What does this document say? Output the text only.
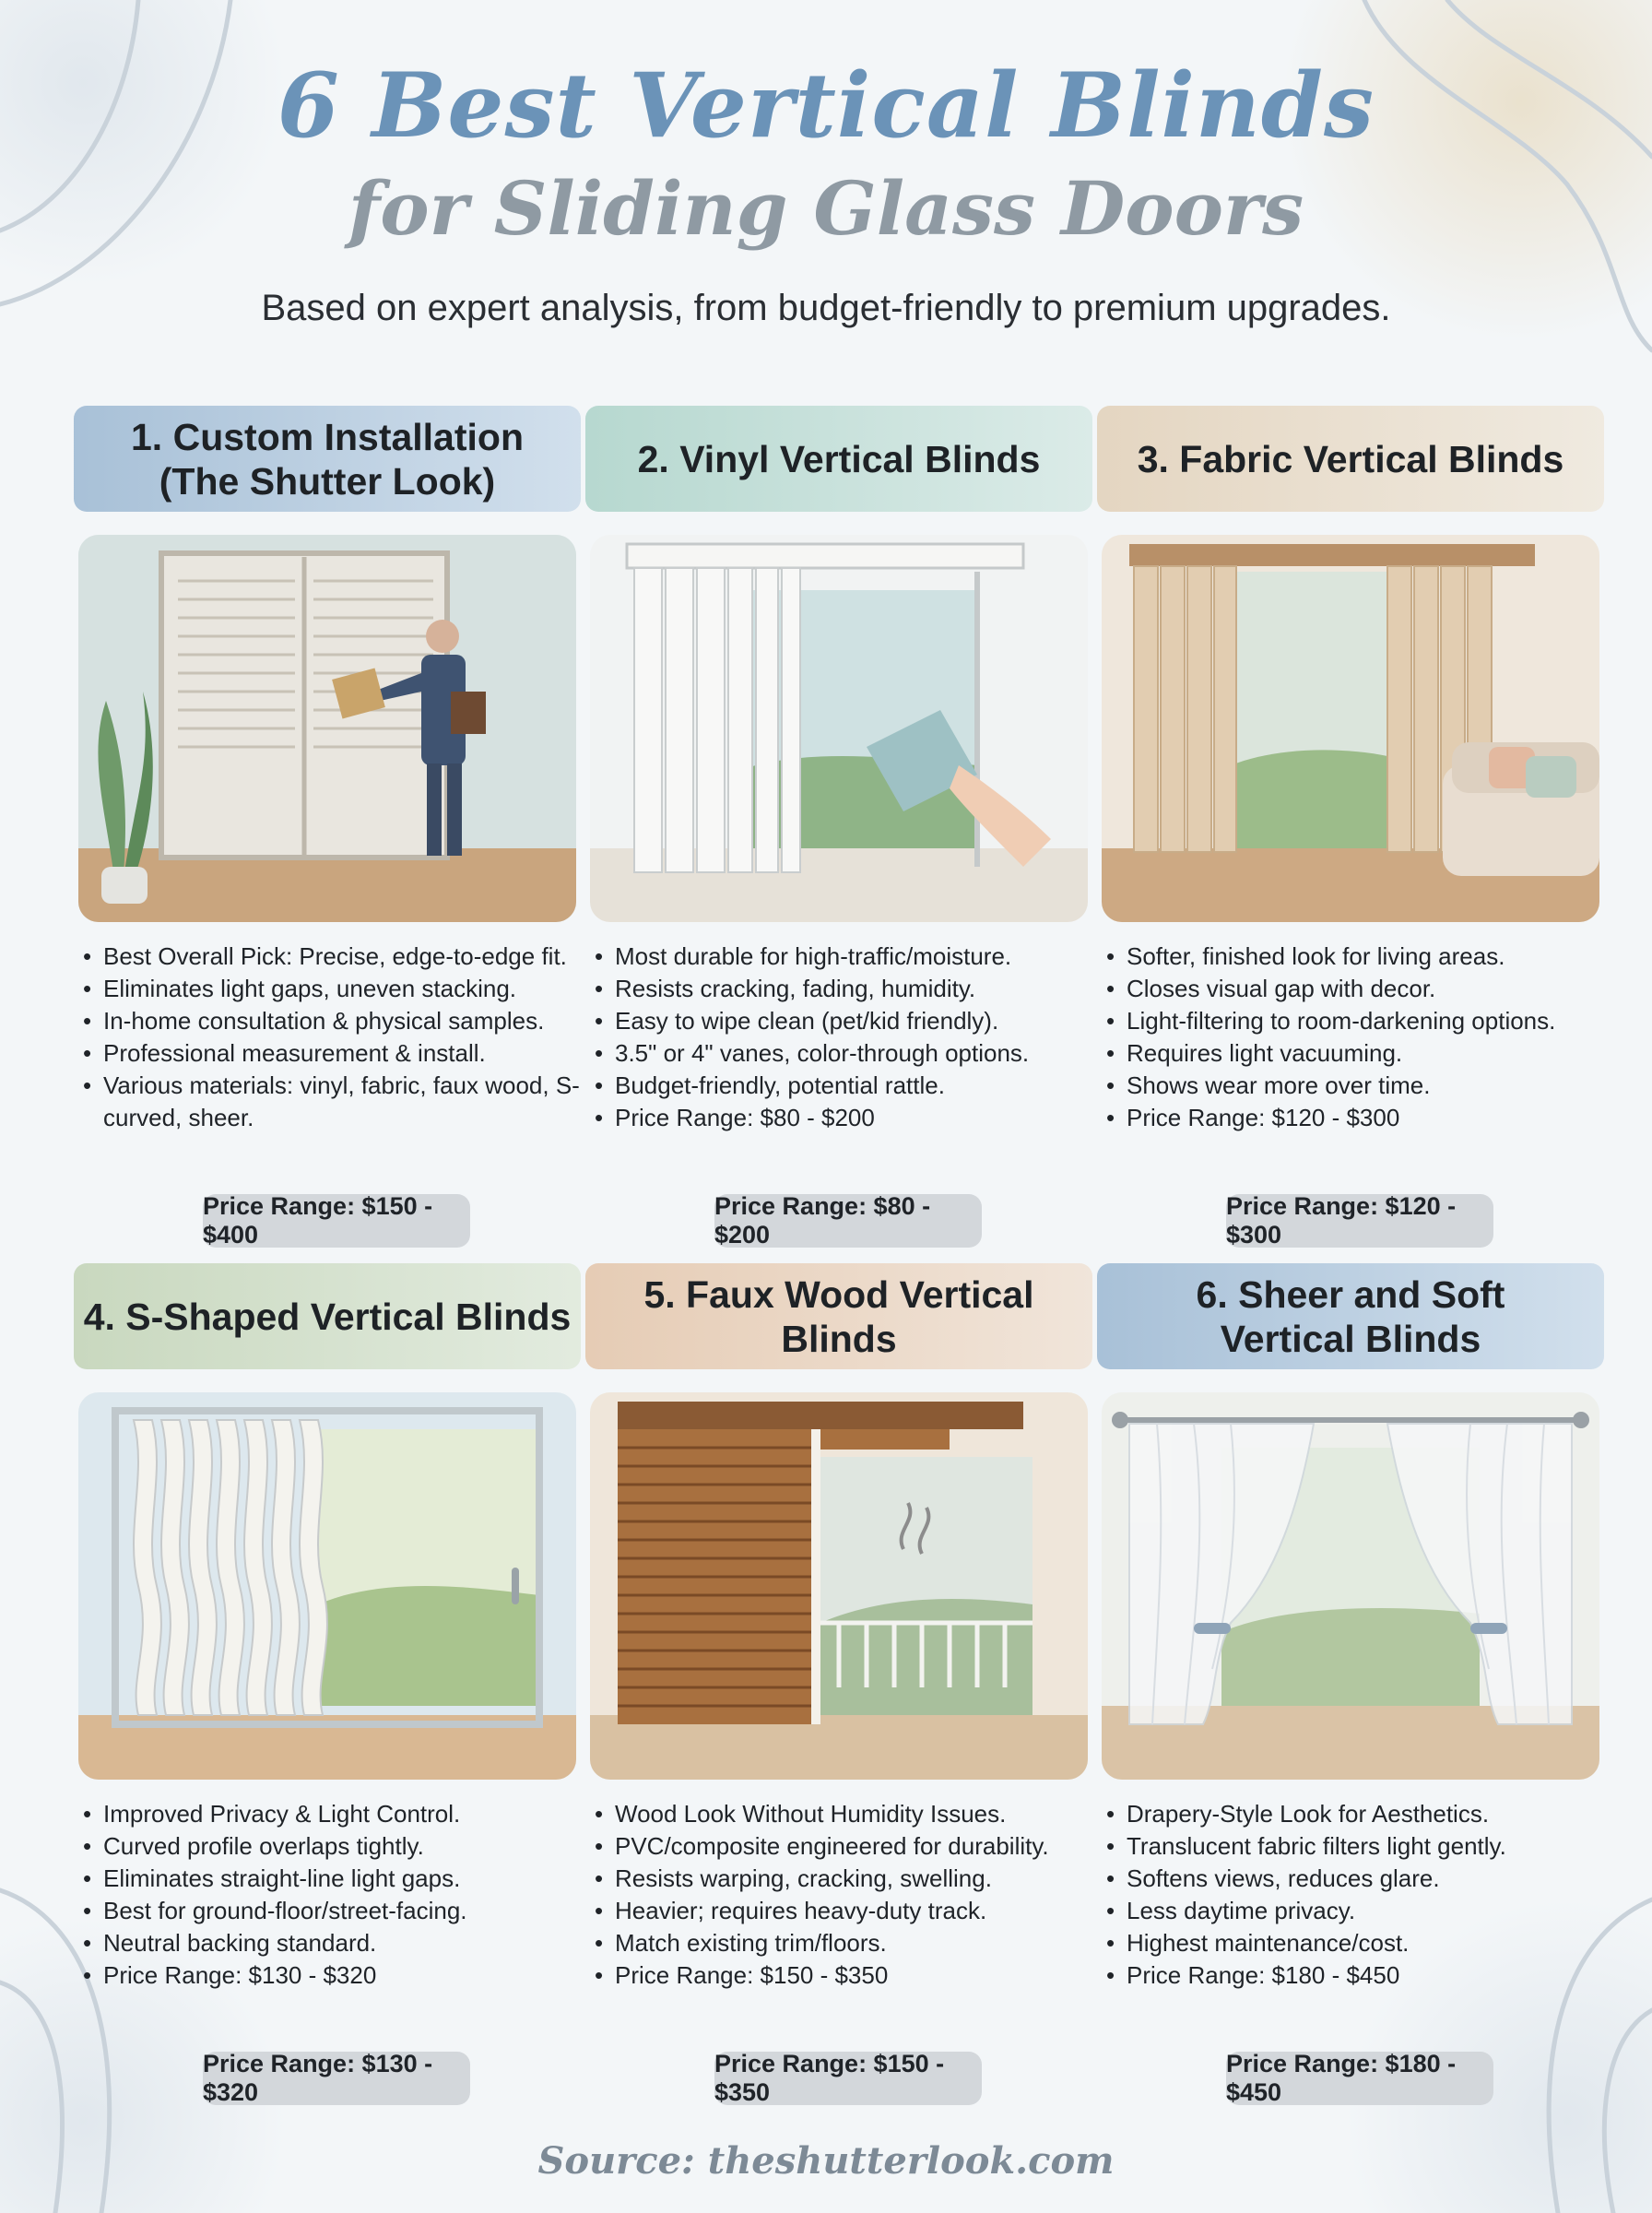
6 Best Vertical Blinds
for Sliding Glass Doors
Based on expert analysis, from budget-friendly to premium upgrades.
1. Custom Installation
(The Shutter Look)
• Best Overall Pick: Precise, edge-to-edge fit.
• Eliminates light gaps, uneven stacking.
• In-home consultation & physical samples.
• Professional measurement & install.
• Various materials: vinyl, fabric, faux wood, S-curved, sheer.
Price Range: $150 - $400
2. Vinyl Vertical Blinds
• Most durable for high-traffic/moisture.
• Resists cracking, fading, humidity.
• Easy to wipe clean (pet/kid friendly).
• 3.5" or 4" vanes, color-through options.
• Budget-friendly, potential rattle.
• Price Range: $80 - $200
Price Range: $80 - $200
3. Fabric Vertical Blinds
• Softer, finished look for living areas.
• Closes visual gap with decor.
• Light-filtering to room-darkening options.
• Requires light vacuuming.
• Shows wear more over time.
• Price Range: $120 - $300
Price Range: $120 - $300
4. S-Shaped Vertical Blinds
• Improved Privacy & Light Control.
• Curved profile overlaps tightly.
• Eliminates straight-line light gaps.
• Best for ground-floor/street-facing.
• Neutral backing standard.
• Price Range: $130 - $320
Price Range: $130 - $320
5. Faux Wood Vertical Blinds
• Wood Look Without Humidity Issues.
• PVC/composite engineered for durability.
• Resists warping, cracking, swelling.
• Heavier; requires heavy-duty track.
• Match existing trim/floors.
• Price Range: $150 - $350
Price Range: $150 - $350
6. Sheer and Soft
Vertical Blinds
• Drapery-Style Look for Aesthetics.
• Translucent fabric filters light gently.
• Softens views, reduces glare.
• Less daytime privacy.
• Highest maintenance/cost.
• Price Range: $180 - $450
Price Range: $180 - $450
Source: theshutterlook.com
